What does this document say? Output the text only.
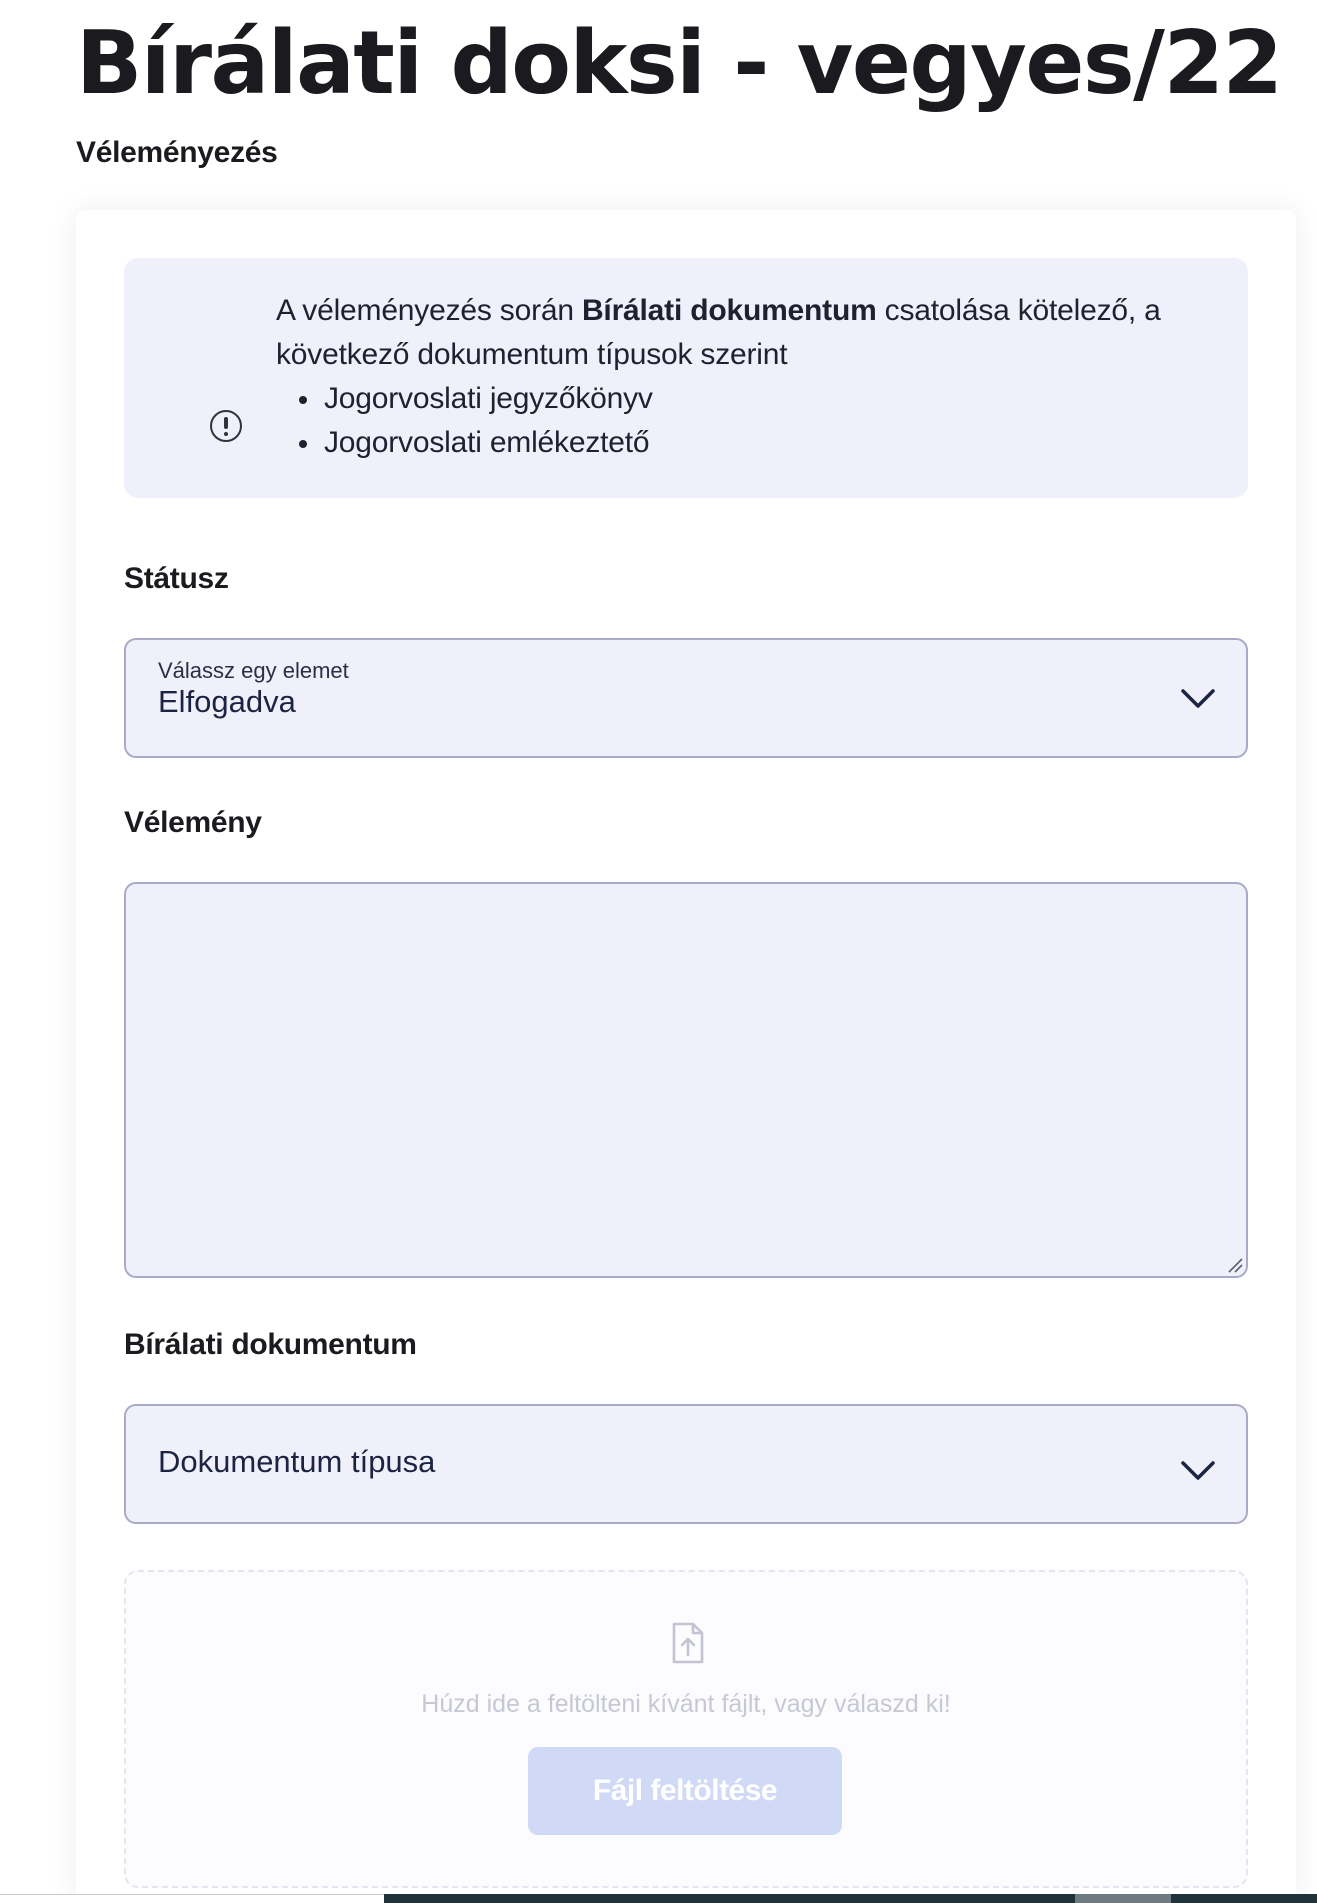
Bírálati doksi - vegyes/22
Véleményezés
A véleményezés során Bírálati dokumentum csatolása kötelező, a következő dokumentum típusok szerint
Jogorvoslati jegyzőkönyv
Jogorvoslati emlékeztető
Státusz
Válassz egy elemet
Elfogadva
Vélemény
Bírálati dokumentum
Dokumentum típusa
Húzd ide a feltölteni kívánt fájlt, vagy válaszd ki!
Fájl feltöltése
